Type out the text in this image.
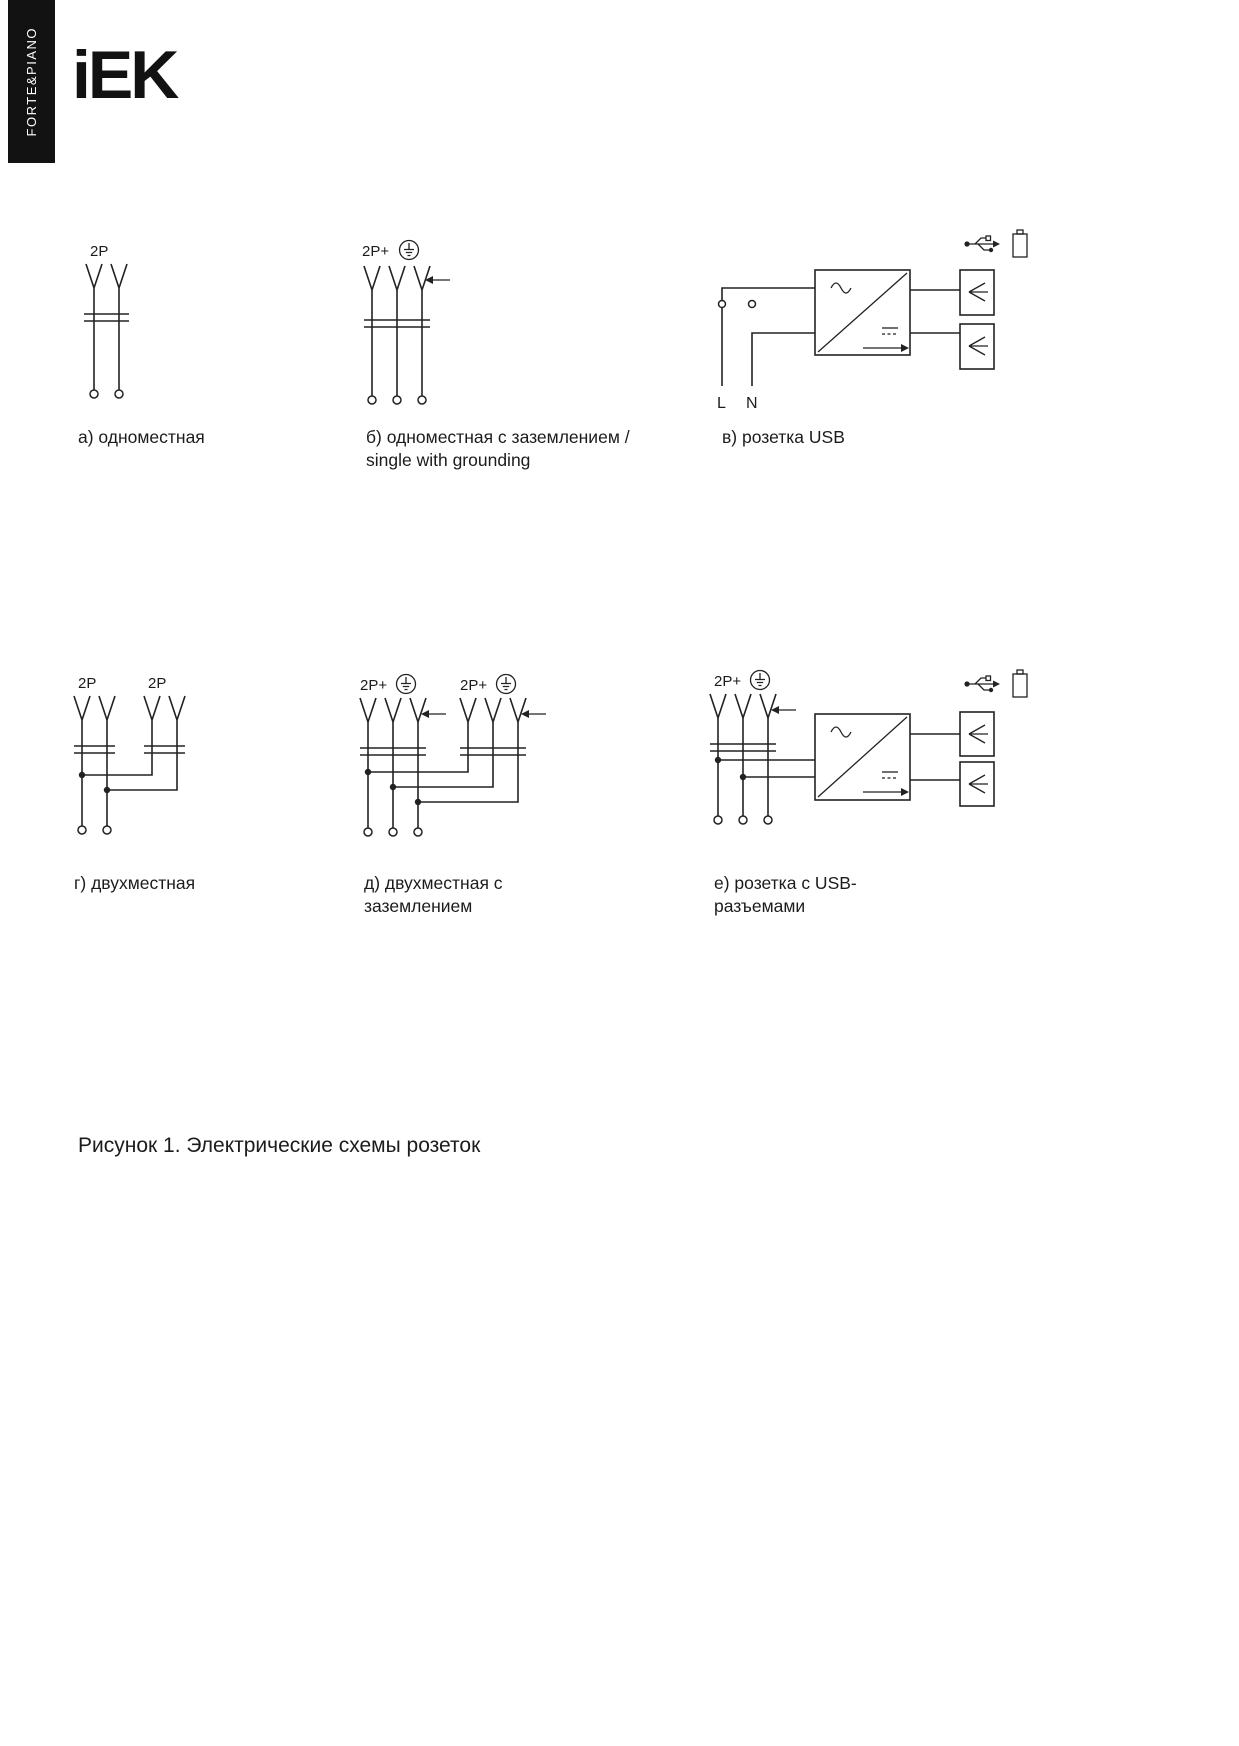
FORTE&PIANO iEK
2P
а) одноместная
2P+
б) одноместная с заземлением /
single with grounding
L N
в) розетка USB
2P	2P
г) двухместная
2P+	2P+
д) двухместная с
заземлением
2P+
е) розетка с USB-
разъемами
Рисунок 1. Электрические схемы розеток
